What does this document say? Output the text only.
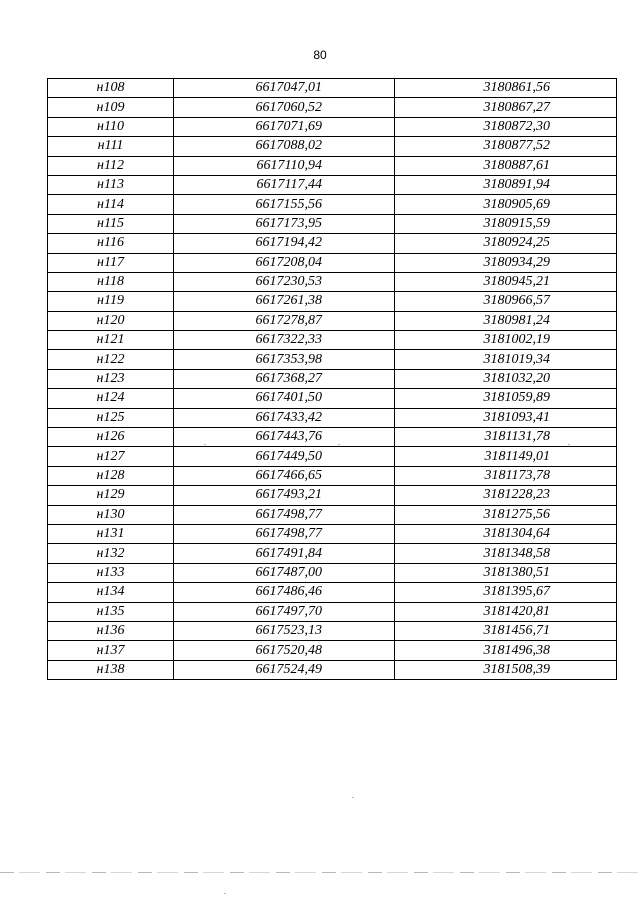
80
н108	6617047,01	3180861,56
н109	6617060,52	3180867,27
н110	6617071,69	3180872,30
н111	6617088,02	3180877,52
н112	6617110,94	3180887,61
н113	6617117,44	3180891,94
н114	6617155,56	3180905,69
н115	6617173,95	3180915,59
н116	6617194,42	3180924,25
н117	6617208,04	3180934,29
н118	6617230,53	3180945,21
н119	6617261,38	3180966,57
н120	6617278,87	3180981,24
н121	6617322,33	3181002,19
н122	6617353,98	3181019,34
н123	6617368,27	3181032,20
н124	6617401,50	3181059,89
н125	6617433,42	3181093,41
н126	6617443,76	3181131,78
н127	6617449,50	3181149,01
н128	6617466,65	3181173,78
н129	6617493,21	3181228,23
н130	6617498,77	3181275,56
н131	6617498,77	3181304,64
н132	6617491,84	3181348,58
н133	6617487,00	3181380,51
н134	6617486,46	3181395,67
н135	6617497,70	3181420,81
н136	6617523,13	3181456,71
н137	6617520,48	3181496,38
н138	6617524,49	3181508,39
